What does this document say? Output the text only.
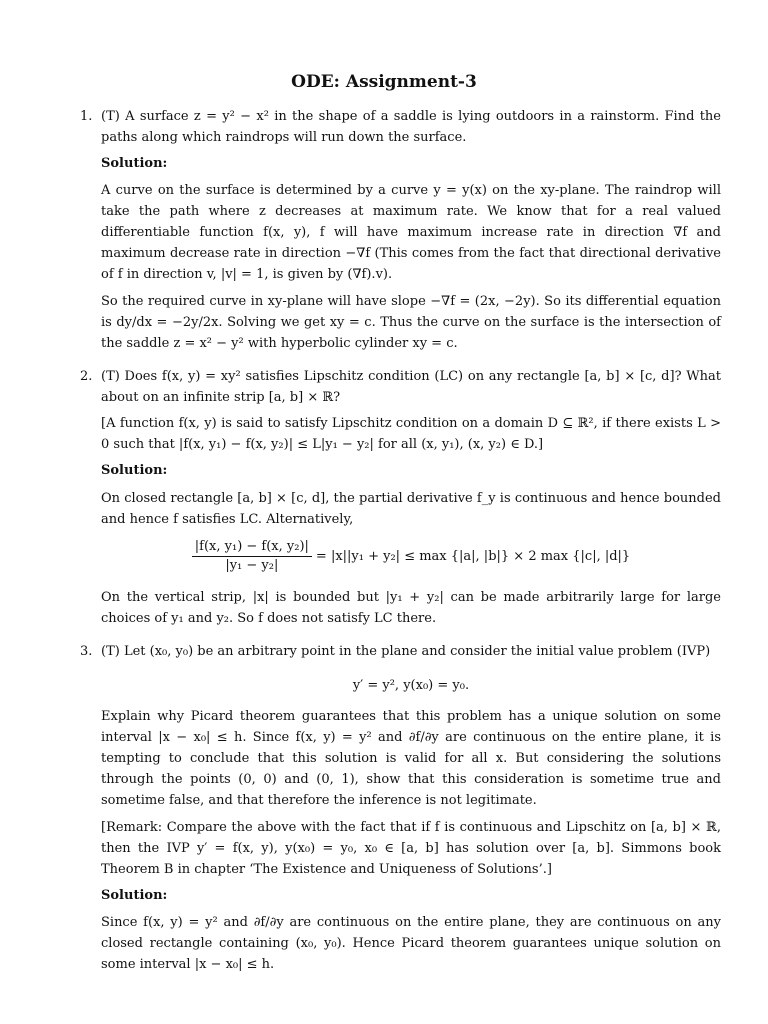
ODE: Assignment-3
1. (T) A surface z = y² − x² in the shape of a saddle is lying outdoors in a rainstorm. Find the paths along which raindrops will run down the surface.

Solution:

A curve on the surface is determined by a curve y = y(x) on the xy-plane. The raindrop will take the path where z decreases at maximum rate. We know that for a real valued differentiable function f(x, y), f will have maximum increase rate in direction ∇f and maximum decrease rate in direction −∇f (This comes from the fact that directional derivative of f in direction v, |v| = 1, is given by (∇f).v).

So the required curve in xy-plane will have slope −∇f = (2x, −2y). So its differential equation is dy/dx = −2y/2x. Solving we get xy = c. Thus the curve on the surface is the intersection of the saddle z = x² − y² with hyperbolic cylinder xy = c.

2. (T) Does f(x, y) = xy² satisfies Lipschitz condition (LC) on any rectangle [a, b] × [c, d]? What about on an infinite strip [a, b] × ℝ?

[A function f(x, y) is said to satisfy Lipschitz condition on a domain D ⊆ ℝ², if there exists L > 0 such that |f(x, y₁) − f(x, y₂)| ≤ L|y₁ − y₂| for all (x, y₁), (x, y₂) ∈ D.]

Solution:

On closed rectangle [a, b] × [c, d], the partial derivative f_y is continuous and hence bounded and hence f satisfies LC. Alternatively,

$\frac{\text{|f(x, y₁) − f(x, y₂)|}}{\text{|y₁ − y₂|}} = |x||y_1 + y_2| \le \max \{|a|$, |b|} × 2 max {|c|, |d|}

On the vertical strip, |x| is bounded but |y₁ + y₂| can be made arbitrarily large for large choices of y₁ and y₂. So f does not satisfy LC there.

3. (T) Let (x₀, y₀) be an arbitrary point in the plane and consider the initial value problem (IVP)

y′ = y², y(x₀) = y₀.

Explain why Picard theorem guarantees that this problem has a unique solution on some interval |x − x₀| ≤ h. Since f(x, y) = y² and ∂f/∂y are continuous on the entire plane, it is tempting to conclude that this solution is valid for all x. But considering the solutions through the points (0, 0) and (0, 1), show that this consideration is sometime true and sometime false, and that therefore the inference is not legitimate.

[Remark: Compare the above with the fact that if f is continuous and Lipschitz on [a, b] × ℝ, then the IVP y′ = f(x, y), y(x₀) = y₀, x₀ ∈ [a, b] has solution over [a, b]. Simmons book Theorem B in chapter ‘The Existence and Uniqueness of Solutions’.]

Solution:

Since f(x, y) = y² and ∂f/∂y are continuous on the entire plane, they are continuous on any closed rectangle containing (x₀, y₀). Hence Picard theorem guarantees unique solution on some interval |x − x₀| ≤ h.
